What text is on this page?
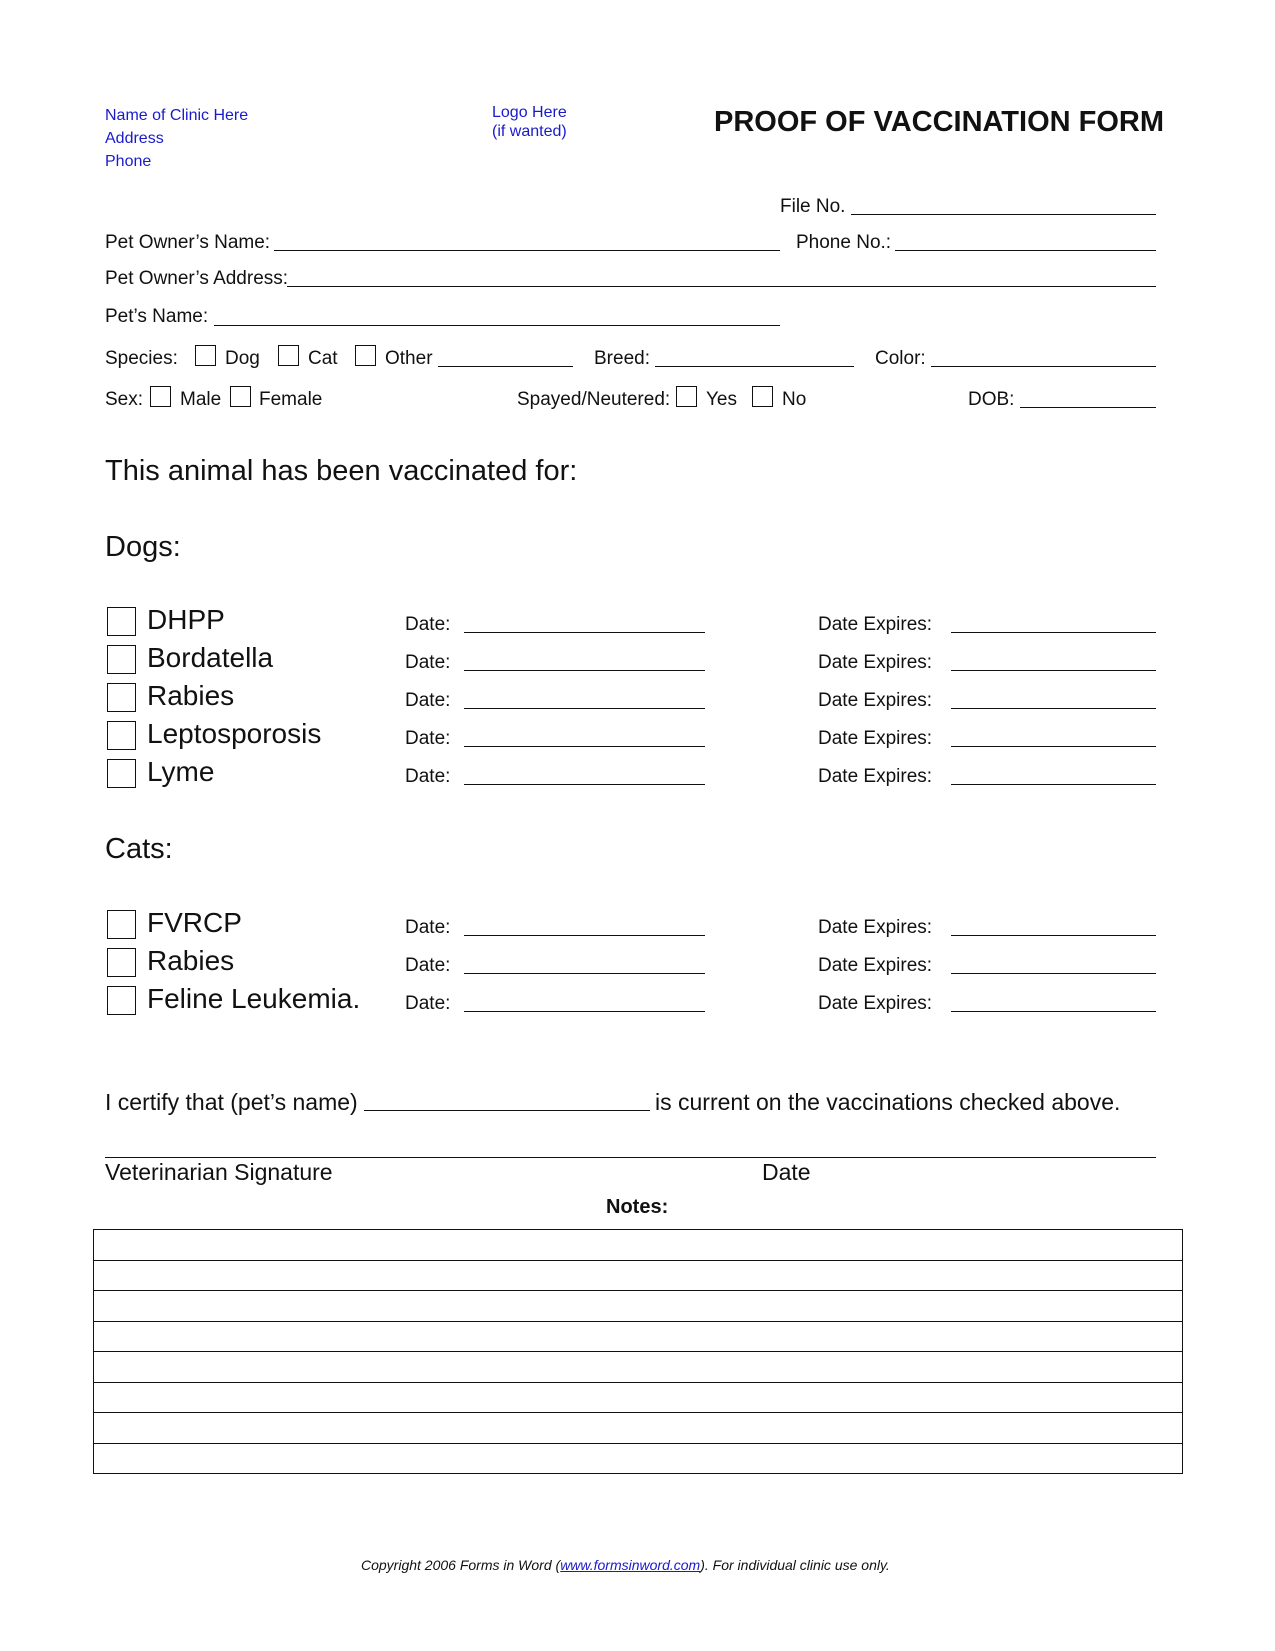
Name of Clinic Here
Address
Phone
Logo Here
(if wanted)	PROOF OF VACCINATION FORM
File No.
Pet Owner’s Name:	Phone No.:
Pet Owner’s Address:
Pet’s Name:
Species: Dog	Cat Other	Breed:	Color:
Sex: Male Female	Spayed/Neutered: Yes No	DOB:
This animal has been vaccinated for:
Dogs:
DHPP	Date:	Date Expires:
Bordatella	Date:	Date Expires:
Rabies	Date:	Date Expires:
Leptosporosis	Date:	Date Expires:
Lyme	Date:	Date Expires:
Cats:
FVRCP	Date:	Date Expires:
Rabies	Date:	Date Expires:
Feline Leukemia. Date:	Date Expires:
I certify that (pet’s name)	is current on the vaccinations checked above.
Veterinarian Signature	Date
Notes:

Copyright 2006 Forms in Word (www.formsinword.com). For individual clinic use only.
